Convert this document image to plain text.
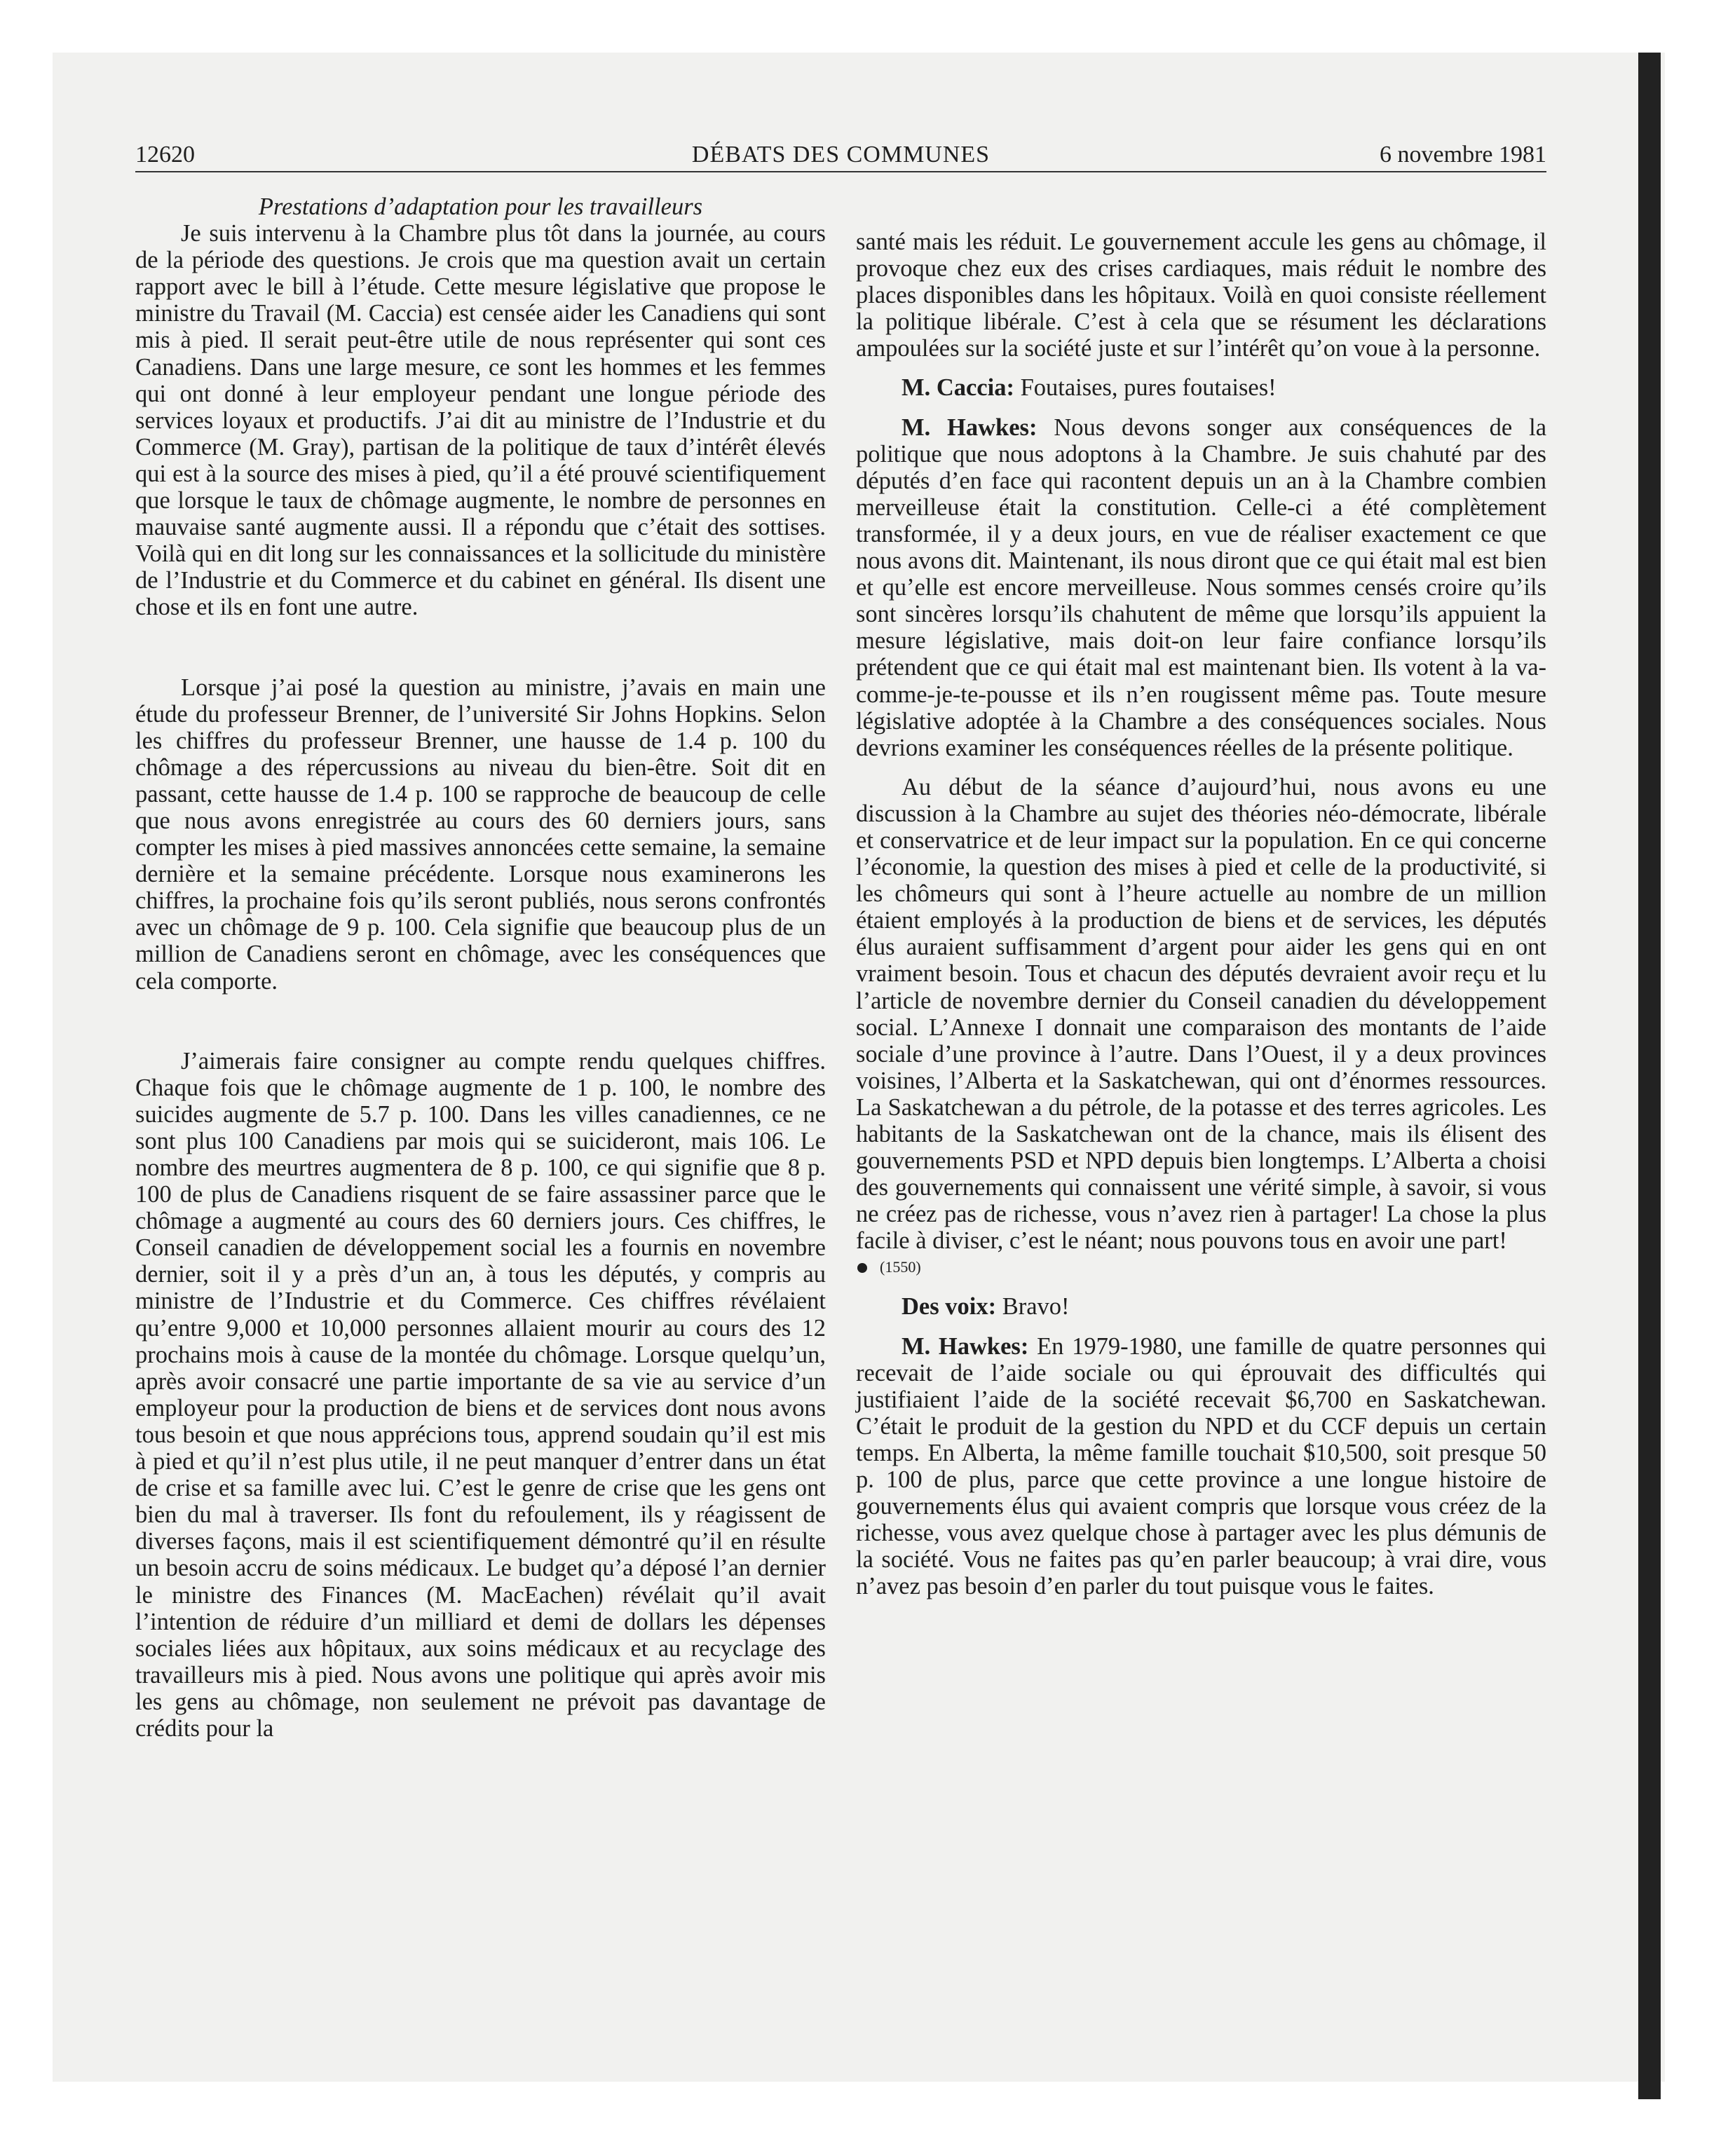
12620	DÉBATS DES COMMUNES	6 novembre 1981

Prestations d’adaptation pour les travailleurs

Je suis intervenu à la Chambre plus tôt dans la journée, au cours de la période des questions. Je crois que ma question avait un certain rapport avec le bill à l’étude. Cette mesure législative que propose le ministre du Travail (M. Caccia) est censée aider les Canadiens qui sont mis à pied. Il serait peut-être utile de nous représenter qui sont ces Canadiens. Dans une large mesure, ce sont les hommes et les femmes qui ont donné à leur employeur pendant une longue période des services loyaux et productifs. J’ai dit au ministre de l’Industrie et du Commerce (M. Gray), partisan de la politique de taux d’intérêt élevés qui est à la source des mises à pied, qu’il a été prouvé scientifiquement que lorsque le taux de chômage augmente, le nombre de personnes en mauvaise santé augmente aussi. Il a répondu que c’était des sottises. Voilà qui en dit long sur les connaissances et la sollicitude du ministère de l’Industrie et du Commerce et du cabinet en général. Ils disent une chose et ils en font une autre.

Lorsque j’ai posé la question au ministre, j’avais en main une étude du professeur Brenner, de l’université Sir Johns Hopkins. Selon les chiffres du professeur Brenner, une hausse de 1.4 p. 100 du chômage a des répercussions au niveau du bien-être. Soit dit en passant, cette hausse de 1.4 p. 100 se rapproche de beaucoup de celle que nous avons enregistrée au cours des 60 derniers jours, sans compter les mises à pied massives annoncées cette semaine, la semaine dernière et la semaine précédente. Lorsque nous examinerons les chiffres, la prochaine fois qu’ils seront publiés, nous serons confrontés avec un chômage de 9 p. 100. Cela signifie que beaucoup plus de un million de Canadiens seront en chômage, avec les conséquences que cela comporte.

J’aimerais faire consigner au compte rendu quelques chiffres. Chaque fois que le chômage augmente de 1 p. 100, le nombre des suicides augmente de 5.7 p. 100. Dans les villes canadiennes, ce ne sont plus 100 Canadiens par mois qui se suicideront, mais 106. Le nombre des meurtres augmentera de 8 p. 100, ce qui signifie que 8 p. 100 de plus de Canadiens risquent de se faire assassiner parce que le chômage a augmenté au cours des 60 derniers jours. Ces chiffres, le Conseil canadien de développement social les a fournis en novembre dernier, soit il y a près d’un an, à tous les députés, y compris au ministre de l’Industrie et du Commerce. Ces chiffres révélaient qu’entre 9,000 et 10,000 personnes allaient mourir au cours des 12 prochains mois à cause de la montée du chômage. Lorsque quelqu’un, après avoir consacré une partie importante de sa vie au service d’un employeur pour la production de biens et de services dont nous avons tous besoin et que nous apprécions tous, apprend soudain qu’il est mis à pied et qu’il n’est plus utile, il ne peut manquer d’entrer dans un état de crise et sa famille avec lui. C’est le genre de crise que les gens ont bien du mal à traverser. Ils font du refoulement, ils y réagissent de diverses façons, mais il est scientifiquement démontré qu’il en résulte un besoin accru de soins médicaux. Le budget qu’a déposé l’an dernier le ministre des Finances (M. MacEachen) révélait qu’il avait l’intention de réduire d’un milliard et demi de dollars les dépenses sociales liées aux hôpitaux, aux soins médicaux et au recyclage des travailleurs mis à pied. Nous avons une politique qui après avoir mis les gens au chômage, non seulement ne prévoit pas davantage de crédits pour la

santé mais les réduit. Le gouvernement accule les gens au chômage, il provoque chez eux des crises cardiaques, mais réduit le nombre des places disponibles dans les hôpitaux. Voilà en quoi consiste réellement la politique libérale. C’est à cela que se résument les déclarations ampoulées sur la société juste et sur l’intérêt qu’on voue à la personne.

M. Caccia: Foutaises, pures foutaises!

M. Hawkes: Nous devons songer aux conséquences de la politique que nous adoptons à la Chambre. Je suis chahuté par des députés d’en face qui racontent depuis un an à la Chambre combien merveilleuse était la constitution. Celle-ci a été complètement transformée, il y a deux jours, en vue de réaliser exactement ce que nous avons dit. Maintenant, ils nous diront que ce qui était mal est bien et qu’elle est encore merveilleuse. Nous sommes censés croire qu’ils sont sincères lorsqu’ils chahutent de même que lorsqu’ils appuient la mesure législative, mais doit-on leur faire confiance lorsqu’ils prétendent que ce qui était mal est maintenant bien. Ils votent à la va-comme-je-te-pousse et ils n’en rougissent même pas. Toute mesure législative adoptée à la Chambre a des conséquences sociales. Nous devrions examiner les conséquences réelles de la présente politique.

Au début de la séance d’aujourd’hui, nous avons eu une discussion à la Chambre au sujet des théories néo-démocrate, libérale et conservatrice et de leur impact sur la population. En ce qui concerne l’économie, la question des mises à pied et celle de la productivité, si les chômeurs qui sont à l’heure actuelle au nombre de un million étaient employés à la production de biens et de services, les députés élus auraient suffisamment d’argent pour aider les gens qui en ont vraiment besoin. Tous et chacun des députés devraient avoir reçu et lu l’article de novembre dernier du Conseil canadien du développement social. L’Annexe I donnait une comparaison des montants de l’aide sociale d’une province à l’autre. Dans l’Ouest, il y a deux provinces voisines, l’Alberta et la Saskatchewan, qui ont d’énormes ressources. La Saskatchewan a du pétrole, de la potasse et des terres agricoles. Les habitants de la Saskatchewan ont de la chance, mais ils élisent des gouvernements PSD et NPD depuis bien longtemps. L’Alberta a choisi des gouvernements qui connaissent une vérité simple, à savoir, si vous ne créez pas de richesse, vous n’avez rien à partager! La chose la plus facile à diviser, c’est le néant; nous pouvons tous en avoir une part!

(1550)

Des voix: Bravo!

M. Hawkes: En 1979-1980, une famille de quatre personnes qui recevait de l’aide sociale ou qui éprouvait des difficultés qui justifiaient l’aide de la société recevait $6,700 en Saskatchewan. C’était le produit de la gestion du NPD et du CCF depuis un certain temps. En Alberta, la même famille touchait $10,500, soit presque 50 p. 100 de plus, parce que cette province a une longue histoire de gouvernements élus qui avaient compris que lorsque vous créez de la richesse, vous avez quelque chose à partager avec les plus démunis de la société. Vous ne faites pas qu’en parler beaucoup; à vrai dire, vous n’avez pas besoin d’en parler du tout puisque vous le faites.
